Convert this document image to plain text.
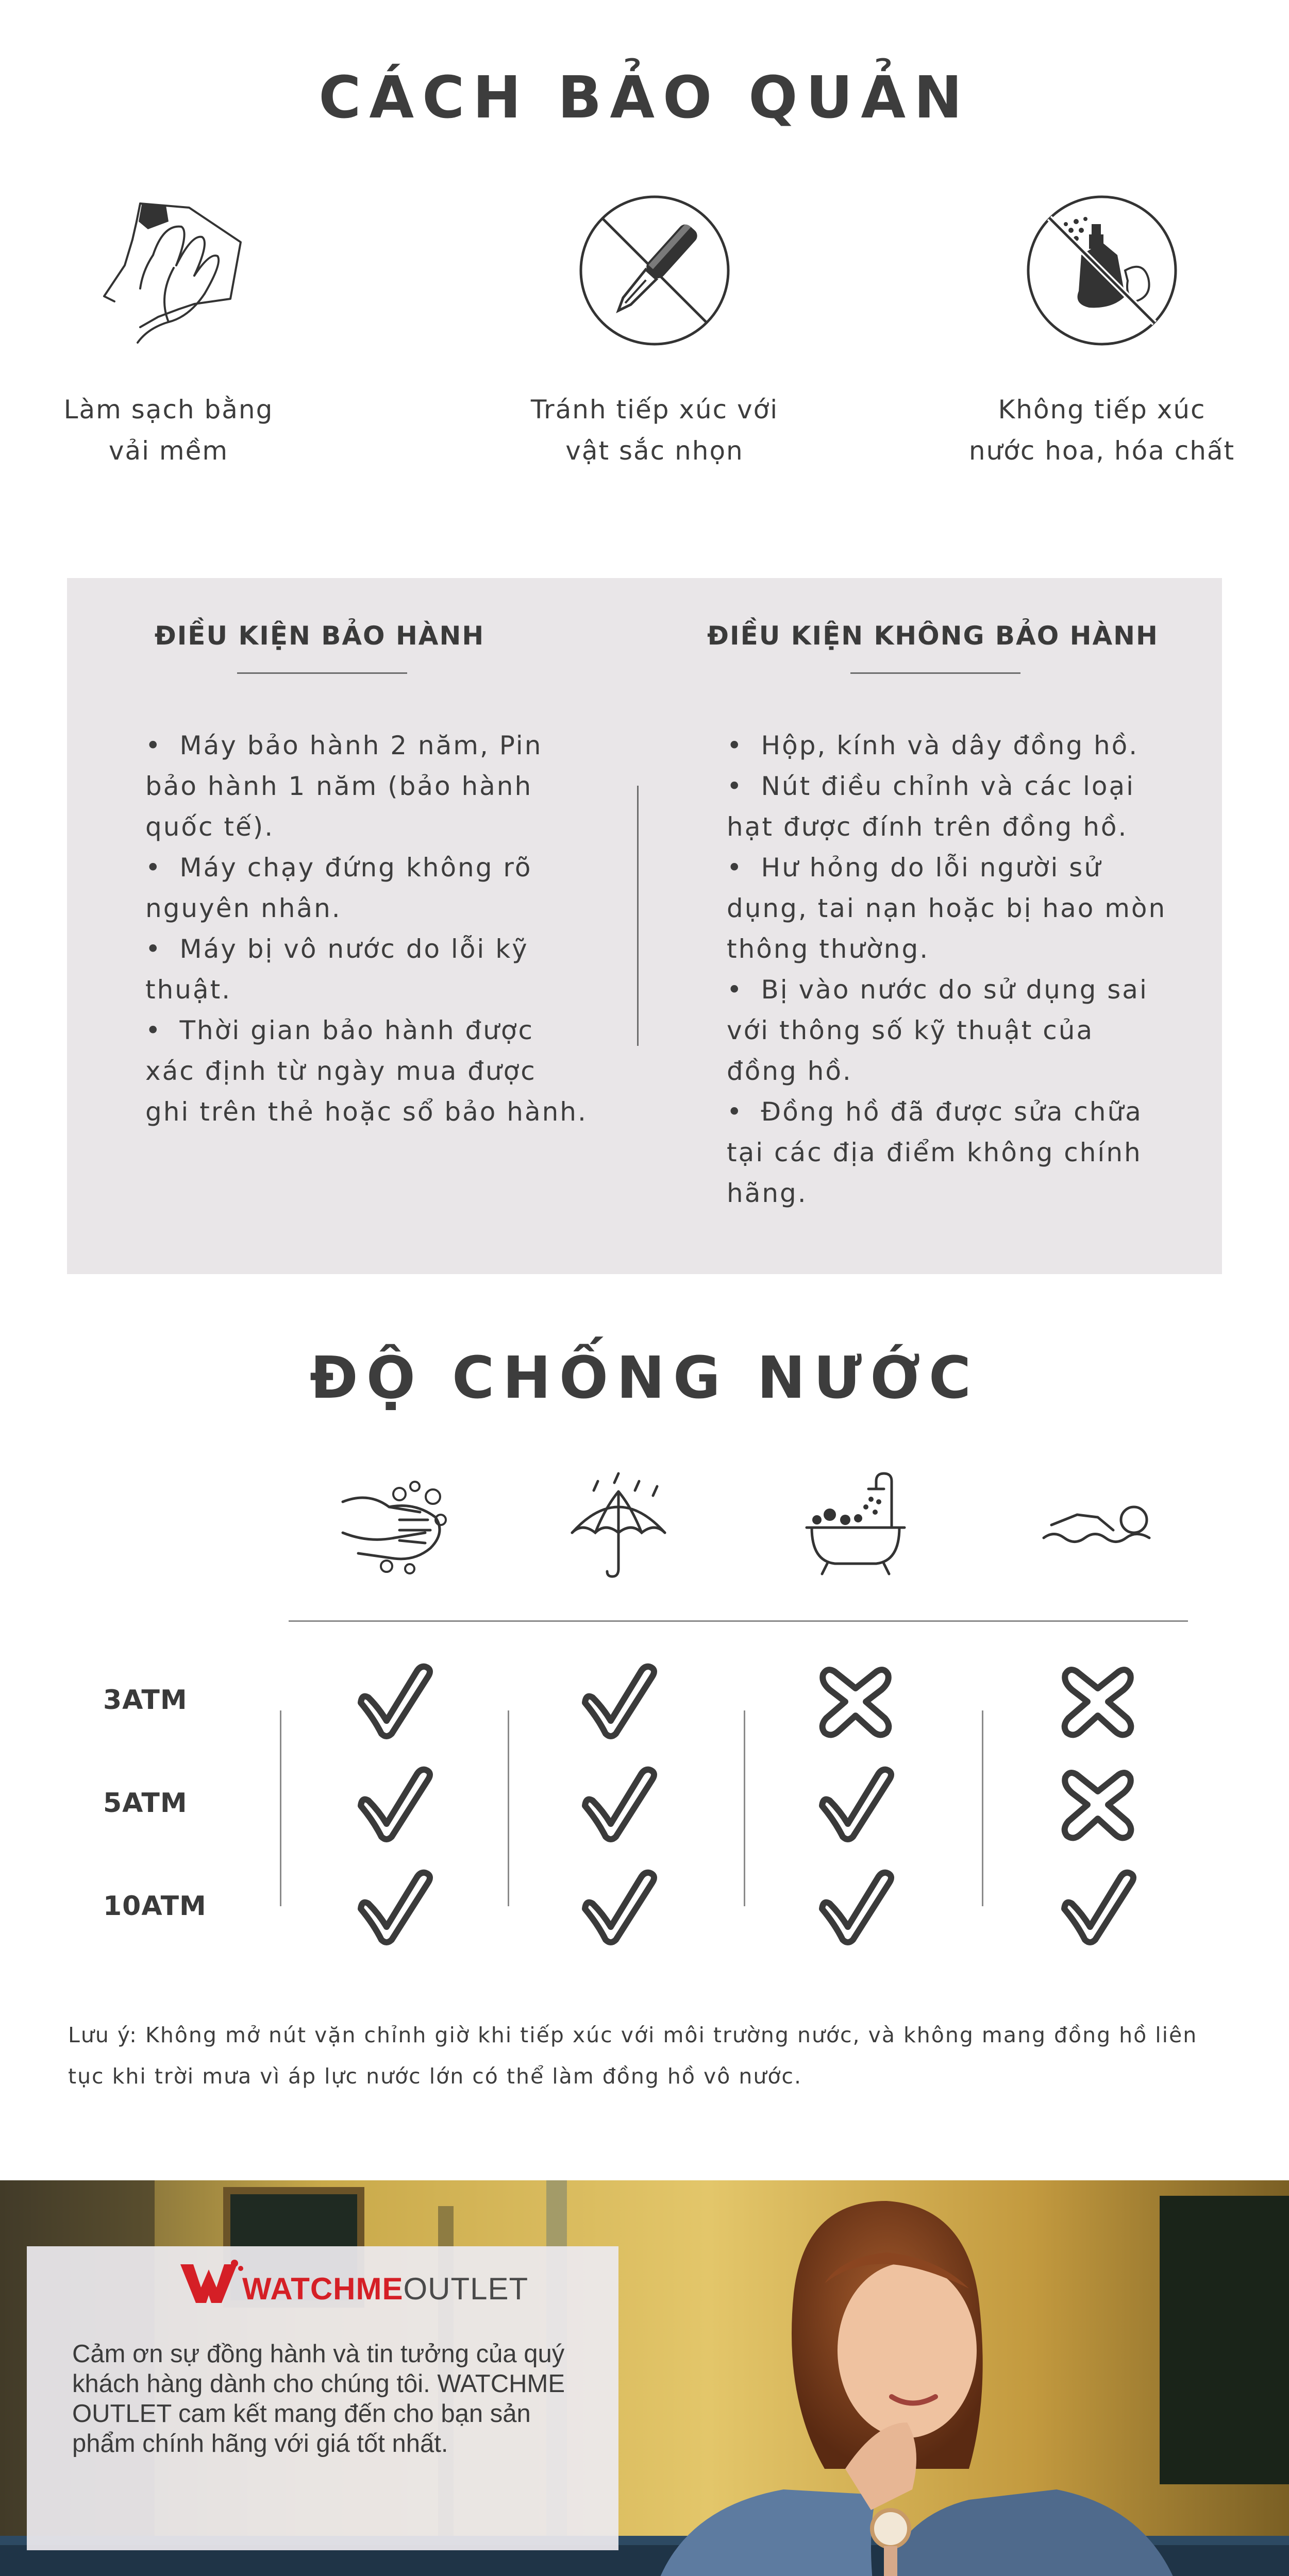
CÁCH BẢO QUẢN
Làm sạch bằng
vải mềm
Tránh tiếp xúc với
vật sắc nhọn
Không tiếp xúc
nước hoa, hóa chất
ĐIỀU KIỆN BẢO HÀNH	ĐIỀU KIỆN KHÔNG BẢO HÀNH
• Máy bảo hành 2 năm, Pin bảo hành 1 năm (bảo hành quốc tế).
• Máy chạy đứng không rõ nguyên nhân.
• Máy bị vô nước do lỗi kỹ thuật.
• Thời gian bảo hành được xác định từ ngày mua được ghi trên thẻ hoặc sổ bảo hành.
• Hộp, kính và dây đồng hồ.
• Nút điều chỉnh và các loại hạt được đính trên đồng hồ.
• Hư hỏng do lỗi người sử dụng, tai nạn hoặc bị hao mòn thông thường.
• Bị vào nước do sử dụng sai với thông số kỹ thuật của đồng hồ.
• Đồng hồ đã được sửa chữa tại các địa điểm không chính hãng.
ĐỘ CHỐNG NƯỚC
3ATM
5ATM
10ATM
Lưu ý: Không mở nút vặn chỉnh giờ khi tiếp xúc với môi trường nước, và không mang đồng hồ liên tục khi trời mưa vì áp lực nước lớn có thể làm đồng hồ vô nước.
WATCHMEOUTLET
Cảm ơn sự đồng hành và tin tưởng của quý khách hàng dành cho chúng tôi. WATCHME OUTLET cam kết mang đến cho bạn sản phẩm chính hãng với giá tốt nhất.
